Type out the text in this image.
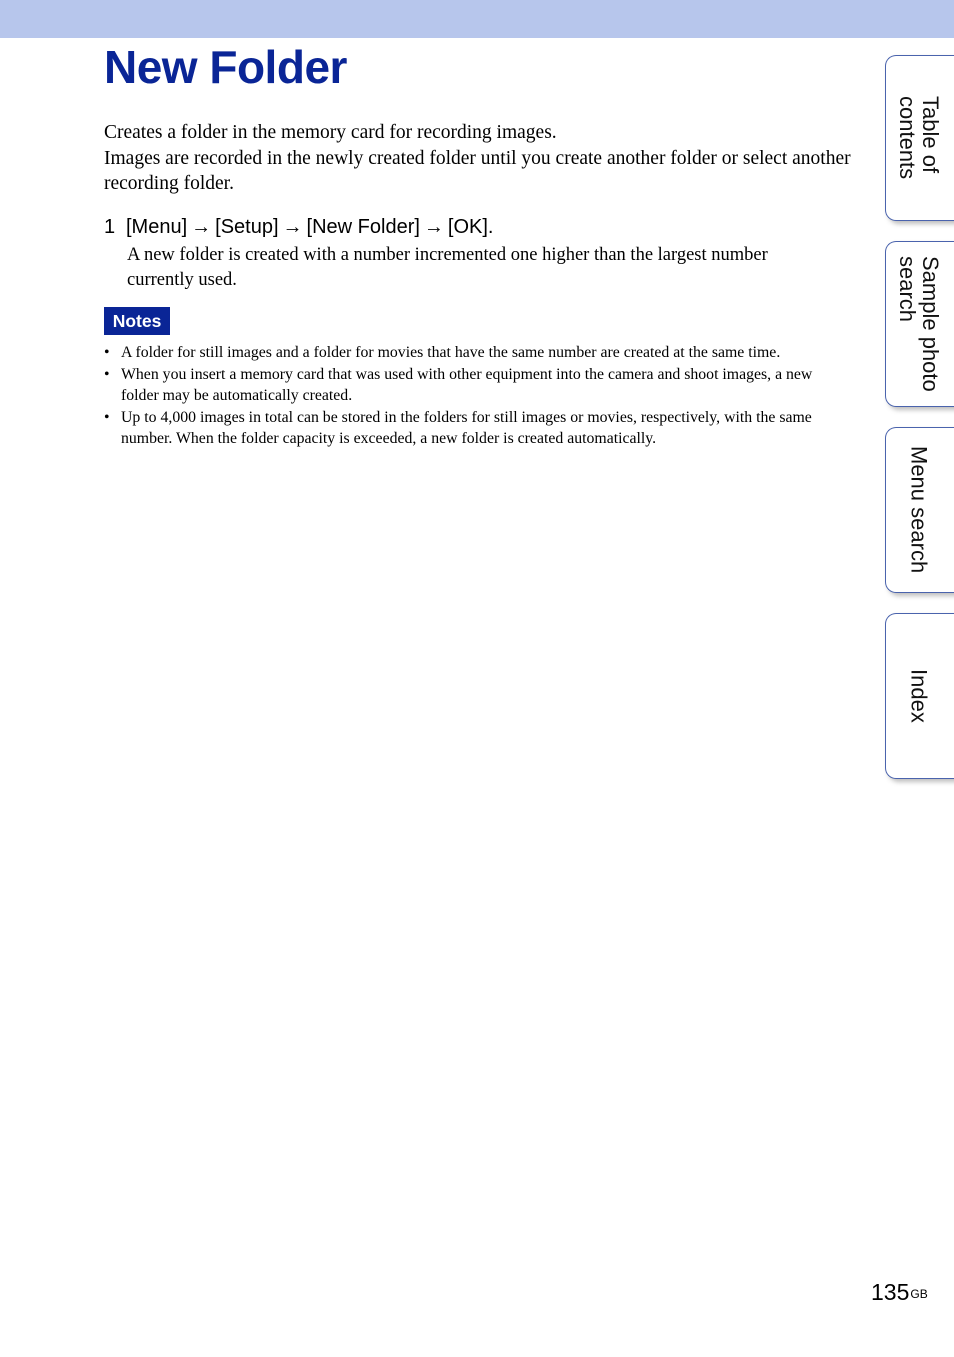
New Folder

Creates a folder in the memory card for recording images.

Images are recorded in the newly created folder until you create another folder or select another recording folder.

1 [Menu] → [Setup] → [New Folder] → [OK].
A new folder is created with a number incremented one higher than the largest number currently used.
Notes
• A folder for still images and a folder for movies that have the same number are created at the same time.
• When you insert a memory card that was used with other equipment into the camera and shoot images, a new folder may be automatically created.
• Up to 4,000 images in total can be stored in the folders for still images or movies, respectively, with the same number. When the folder capacity is exceeded, a new folder is created automatically.
Table of
contents
Sample photo
search
Menu search
Index
$135^{GB}$
